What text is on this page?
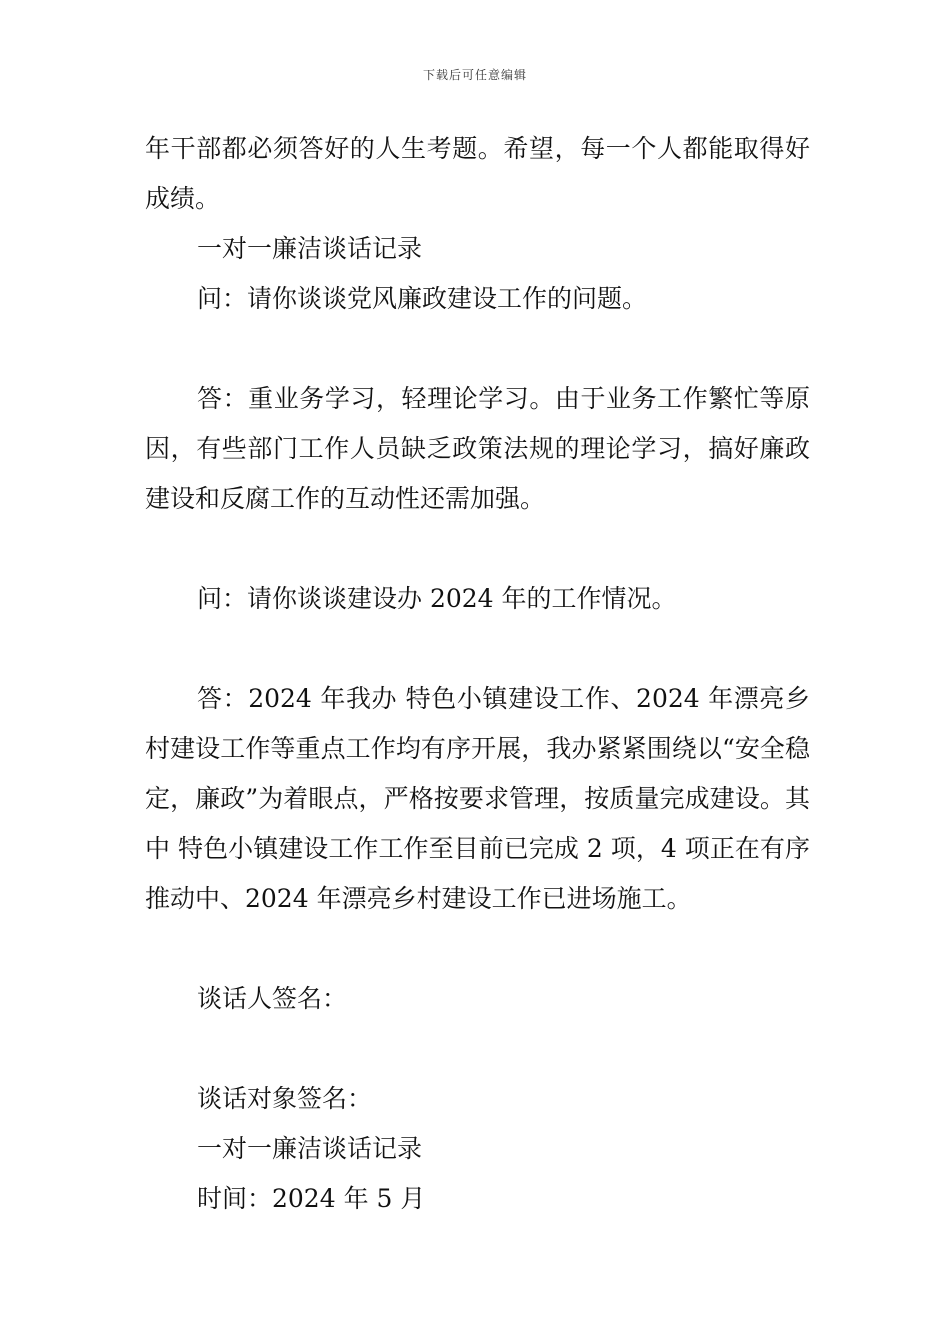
下载后可任意编辑

年干部都必须答好的人生考题。希望，每一个人都能取得好成绩。

一对一廉洁谈话记录

问：请你谈谈党风廉政建设工作的问题。

答：重业务学习，轻理论学习。由于业务工作繁忙等原因，有些部门工作人员缺乏政策法规的理论学习，搞好廉政建设和反腐工作的互动性还需加强。

问：请你谈谈建设办 2024 年的工作情况。

答：2024 年我办 特色小镇建设工作、2024 年漂亮乡村建设工作等重点工作均有序开展，我办紧紧围绕以“安全稳定，廉政”为着眼点，严格按要求管理，按质量完成建设。其中 特色小镇建设工作工作至目前已完成 2 项，4 项正在有序推动中、2024 年漂亮乡村建设工作已进场施工。

谈话人签名：

谈话对象签名：

一对一廉洁谈话记录

时间：2024 年 5 月
